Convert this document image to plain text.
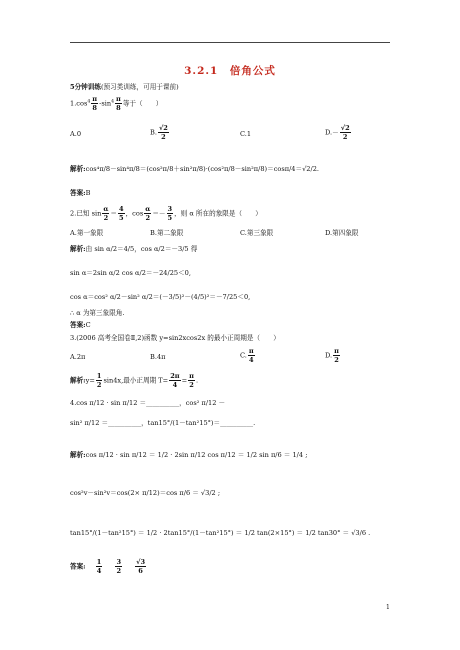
3.2.1　倍角公式
5分钟训练(预习类训练，可用于课前)
$1.\cos^4 \frac{\pi}{8} -\sin^4 \frac{\pi}{8}$ 等于（　　）
A.0	B. $\frac{√2}{2}$	C.1	$D.- \frac{√2}{2}$
解析:cos⁴π/8－sin⁴π/8＝(cos²π/8＋sin²π/8)·(cos²π/8－sin²π/8)＝cosπ/4＝√2/2.
答案:B
2.已知 $\sin \frac{\alpha}{2} = \frac{4}{5}$ ，$\cos \frac{\alpha}{2} =- \frac{3}{5}$ ，则 α 所在的象限是（　　）
A.第一象限	B.第二象限	C.第三象限	D.第四象限
解析:由 sin α/2＝4/5，cos α/2＝－3/5 得
sin α＝2sin α/2 cos α/2＝－24/25＜0,
cos α＝cos² α/2－sin² α/2＝(－3/5)²－(4/5)²＝－7/25＜0,
∴ α 为第三象限角.
答案:C
3.(2006 高考全国卷Ⅱ,2)函数 y=sin2xcos2x 的最小正周期是（　　）
A.2π	B.4π	C. $\frac{\pi}{4}$	D. $\frac{\pi}{2}$
解析:y= $\frac{1}{2} \sin 4x$,最小正周期 $T= \frac{2\pi}{4} = \frac{\pi}{2}$ .
4.cos π/12 · sin π/12 ＝__________，cos² π/12 －
sin² π/12 ＝__________，tan15°/(1－tan²15°)＝__________.
解析:cos π/12 · sin π/12 ＝ 1/2 · 2sin π/12 cos π/12 ＝ 1/2 sin π/6 ＝ 1/4 ;
cos²v－sin²v＝cos(2× π/12)＝cos π/6 ＝ √3/2 ;
tan15°/(1－tan²15°) ＝ 1/2 · 2tan15°/(1－tan²15°) ＝ 1/2 tan(2×15°) ＝ 1/2 tan30° ＝ √3/6 .
答案: $\frac{1}{4}$
$\frac{3}{2}$
$\frac{√3}{6}$
1
